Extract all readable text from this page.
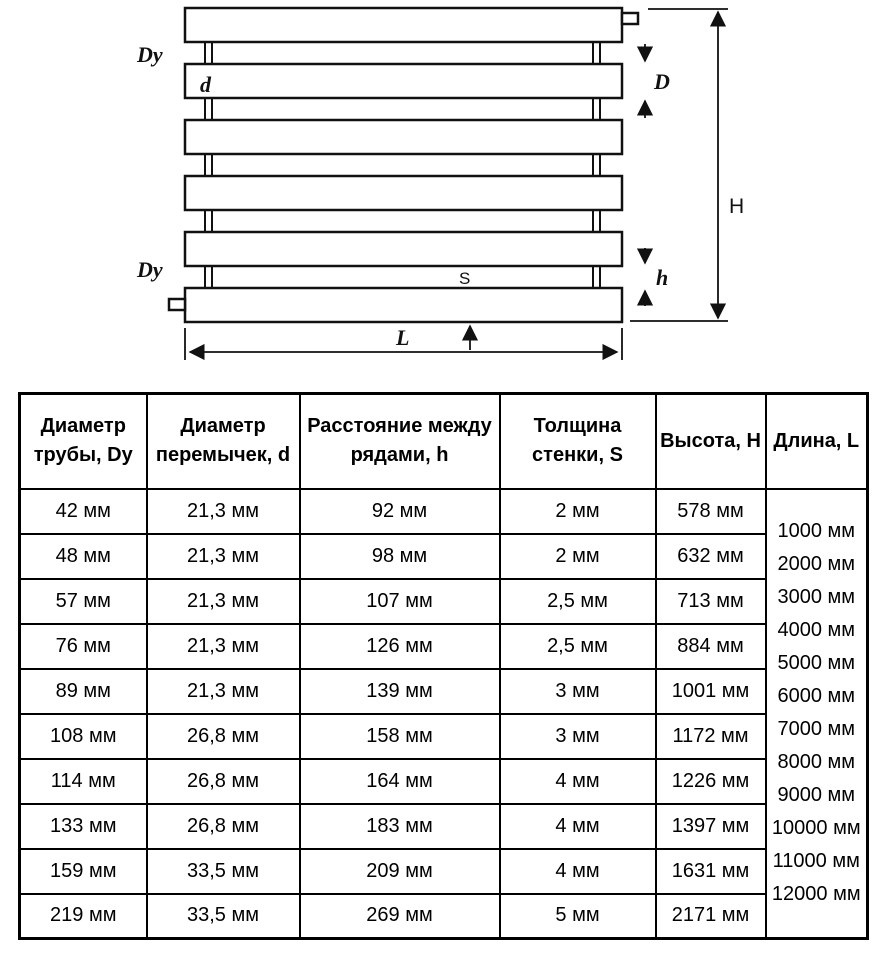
Dy
d	D
H
h
Dy	S
L
Диаметр трубы, Dy	Диаметр перемычек, d	Расстояние между рядами, h	Толщина стенки, S	Высота, H	Длина, L
42 мм	21,3 мм	92 мм	2 мм	578 мм	
1000 мм
2000 мм
3000 мм
4000 мм
5000 мм
6000 мм
7000 мм
8000 мм
9000 мм
10000 мм
11000 мм
12000 мм

48 мм	21,3 мм	98 мм	2 мм	632 мм	
57 мм	21,3 мм	107 мм	2,5 мм	713 мм	
76 мм	21,3 мм	126 мм	2,5 мм	884 мм	
89 мм	21,3 мм	139 мм	3 мм	1001 мм	
108 мм	26,8 мм	158 мм	3 мм	1172 мм	
114 мм	26,8 мм	164 мм	4 мм	1226 мм	
133 мм	26,8 мм	183 мм	4 мм	1397 мм	
159 мм	33,5 мм	209 мм	4 мм	1631 мм	
219 мм	33,5 мм	269 мм	5 мм	2171 мм	
